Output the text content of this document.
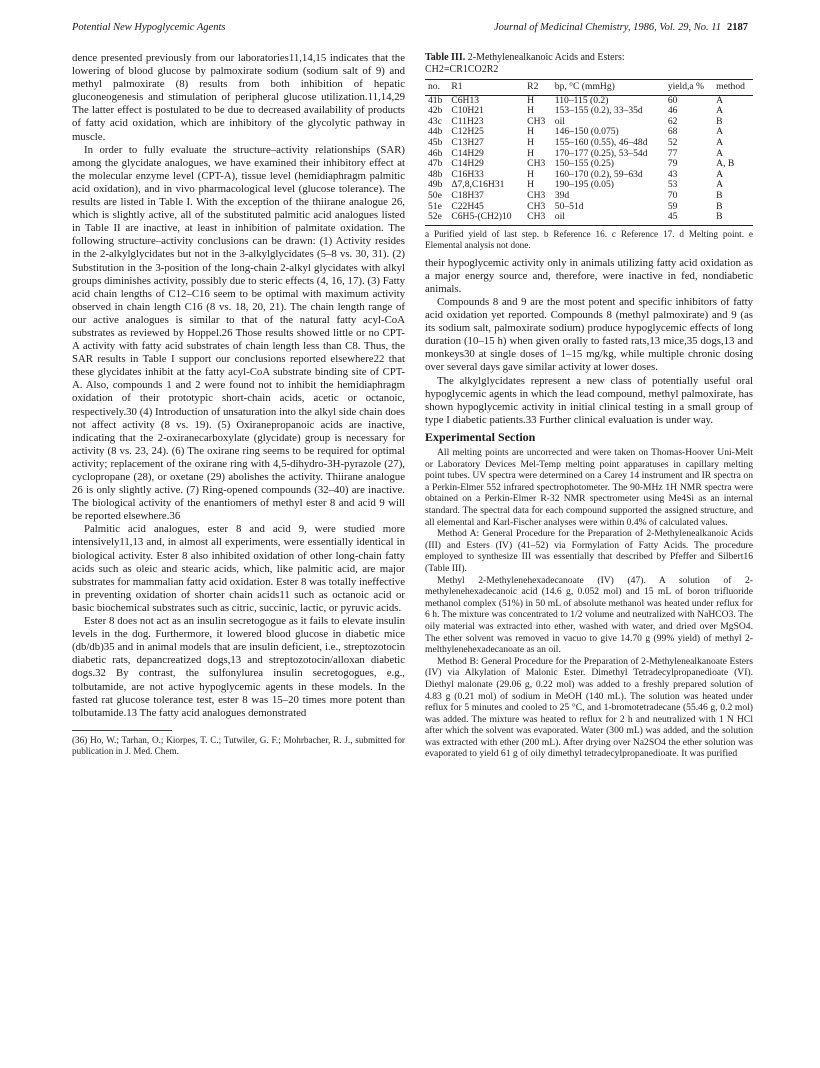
Potential New Hypoglycemic Agents	Journal of Medicinal Chemistry, 1986, Vol. 29, No. 11 2187

dence presented previously from our laboratories11,14,15 indicates that the lowering of blood glucose by palmoxirate sodium (sodium salt of 9) and methyl palmoxirate (8) results from both inhibition of hepatic gluconeogenesis and stimulation of peripheral glucose utilization.11,14,29 The latter effect is postulated to be due to decreased availability of products of fatty acid oxidation, which are inhibitory of the glycolytic pathway in muscle.

In order to fully evaluate the structure–activity relationships (SAR) among the glycidate analogues, we have examined their inhibitory effect at the molecular enzyme level (CPT-A), tissue level (hemidiaphragm palmitic acid oxidation), and in vivo pharmacological level (glucose tolerance). The results are listed in Table I. With the exception of the thiirane analogue 26, which is slightly active, all of the substituted palmitic acid analogues listed in Table II are inactive, at least in inhibition of palmitate oxidation. The following structure–activity conclusions can be drawn: (1) Activity resides in the 2-alkylglycidates but not in the 3-alkylglycidates (5–8 vs. 30, 31). (2) Substitution in the 3-position of the long-chain 2-alkyl glycidates with alkyl groups diminishes activity, possibly due to steric effects (4, 16, 17). (3) Fatty acid chain lengths of C12–C16 seem to be optimal with maximum activity observed in chain length C16 (8 vs. 18, 20, 21). The chain length range of our active analogues is similar to that of the natural fatty acyl-CoA substrates as reviewed by Hoppel.26 Those results showed little or no CPT-A activity with fatty acid substrates of chain length less than C8. Thus, the SAR results in Table I support our conclusions reported elsewhere22 that these glycidates inhibit at the fatty acyl-CoA substrate binding site of CPT-A. Also, compounds 1 and 2 were found not to inhibit the hemidiaphragm oxidation of their prototypic short-chain acids, acetic or octanoic, respectively.30 (4) Introduction of unsaturation into the alkyl side chain does not affect activity (8 vs. 19). (5) Oxiranepropanoic acids are inactive, indicating that the 2-oxiranecarboxylate (glycidate) group is necessary for activity (8 vs. 23, 24). (6) The oxirane ring seems to be required for optimal activity; replacement of the oxirane ring with 4,5-dihydro-3H-pyrazole (27), cyclopropane (28), or oxetane (29) abolishes the activity. Thiirane analogue 26 is only slightly active. (7) Ring-opened compounds (32–40) are inactive. The biological activity of the enantiomers of methyl ester 8 and acid 9 will be reported elsewhere.36

Palmitic acid analogues, ester 8 and acid 9, were studied more intensively11,13 and, in almost all experiments, were essentially identical in biological activity. Ester 8 also inhibited oxidation of other long-chain fatty acids such as oleic and stearic acids, which, like palmitic acid, are major substrates for mammalian fatty acid oxidation. Ester 8 was totally ineffective in preventing oxidation of shorter chain acids11 such as octanoic acid or basic biochemical substrates such as citric, succinic, lactic, or pyruvic acids.

Ester 8 does not act as an insulin secretogogue as it fails to elevate insulin levels in the dog. Furthermore, it lowered blood glucose in diabetic mice (db/db)35 and in animal models that are insulin deficient, i.e., streptozotocin diabetic rats, depancreatized dogs,13 and streptozotocin/alloxan diabetic dogs.32 By contrast, the sulfonylurea insulin secretogogues, e.g., tolbutamide, are not active hypoglycemic agents in these models. In the fasted rat glucose tolerance test, ester 8 was 15–20 times more potent than tolbutamide.13 The fatty acid analogues demonstrated

(36) Ho, W.; Tarhan, O.; Kiorpes, T. C.; Tutwiler, G. F.; Mohrbacher, R. J., submitted for publication in J. Med. Chem.

Table III. 2-Methylenealkanoic Acids and Esters:
CH2=CR1CO2R2
no.	R1	R2	bp, °C (mmHg)	yield,a %	method
41b	C6H13	H	110–115 (0.2)	60	A
42b	C10H21	H	153–155 (0.2), 33–35d	46	A
43c	C11H23	CH3	oil	62	B
44b	C12H25	H	146–150 (0.075)	68	A
45b	C13H27	H	155–160 (0.55), 46–48d	52	A
46b	C14H29	H	170–177 (0.25), 53–54d	77	A
47b	C14H29	CH3	150–155 (0.25)	79	A, B
48b	C16H33	H	160–170 (0.2), 59–63d	43	A
49b	Δ7,8,C16H31	H	190–195 (0.05)	53	A
50e	C18H37	CH3	39d	70	B
51e	C22H45	CH3	50–51d	59	B
52e	C6H5-(CH2)10	CH3	oil	45	B
a Purified yield of last step. b Reference 16. c Reference 17. d Melting point. e Elemental analysis not done.

their hypoglycemic activity only in animals utilizing fatty acid oxidation as a major energy source and, therefore, were inactive in fed, nondiabetic animals.

Compounds 8 and 9 are the most potent and specific inhibitors of fatty acid oxidation yet reported. Compounds 8 (methyl palmoxirate) and 9 (as its sodium salt, palmoxirate sodium) produce hypoglycemic effects of long duration (10–15 h) when given orally to fasted rats,13 mice,35 dogs,13 and monkeys30 at single doses of 1–15 mg/kg, while multiple chronic dosing over several days gave similar activity at lower doses.

The alkylglycidates represent a new class of potentially useful oral hypoglycemic agents in which the lead compound, methyl palmoxirate, has shown hypoglycemic activity in initial clinical testing in a small group of type I diabetic patients.33 Further clinical evaluation is under way.

Experimental Section

All melting points are uncorrected and were taken on Thomas-Hoover Uni-Melt or Laboratory Devices Mel-Temp melting point apparatuses in capillary melting point tubes. UV spectra were determined on a Carey 14 instrument and IR spectra on a Perkin-Elmer 552 infrared spectrophotometer. The 90-MHz 1H NMR spectra were obtained on a Perkin-Elmer R-32 NMR spectrometer using Me4Si as an internal standard. The spectral data for each compound supported the assigned structure, and all elemental and Karl-Fischer analyses were within 0.4% of calculated values.

Method A: General Procedure for the Preparation of 2-Methylenealkanoic Acids (III) and Esters (IV) (41–52) via Formylation of Fatty Acids. The procedure employed to synthesize III was essentially that described by Pfeffer and Silbert16 (Table III).

Methyl 2-Methylenehexadecanoate (IV) (47). A solution of 2-methylenehexadecanoic acid (14.6 g, 0.052 mol) and 15 mL of boron trifluoride methanol complex (51%) in 50 mL of absolute methanol was heated under reflux for 6 h. The mixture was concentrated to 1/2 volume and neutralized with NaHCO3. The oily material was extracted into ether, washed with water, and dried over MgSO4. The ether solvent was removed in vacuo to give 14.70 g (99% yield) of methyl 2-melthylenehexadecanoate as an oil.

Method B: General Procedure for the Preparation of 2-Methylenealkanoate Esters (IV) via Alkylation of Malonic Ester. Dimethyl Tetradecylpropanedioate (VI). Diethyl malonate (29.06 g, 0.22 mol) was added to a freshly prepared solution of 4.83 g (0.21 mol) of sodium in MeOH (140 mL). The solution was heated under reflux for 5 minutes and cooled to 25 °C, and 1-bromotetradecane (55.46 g, 0.2 mol) was added. The mixture was heated to reflux for 2 h and neutralized with 1 N HCl after which the solvent was evaporated. Water (300 mL) was added, and the solution was extracted with ether (200 mL). After drying over Na2SO4 the ether solution was evaporated to yield 61 g of oily dimethyl tetradecylpropanedioate. It was purified
